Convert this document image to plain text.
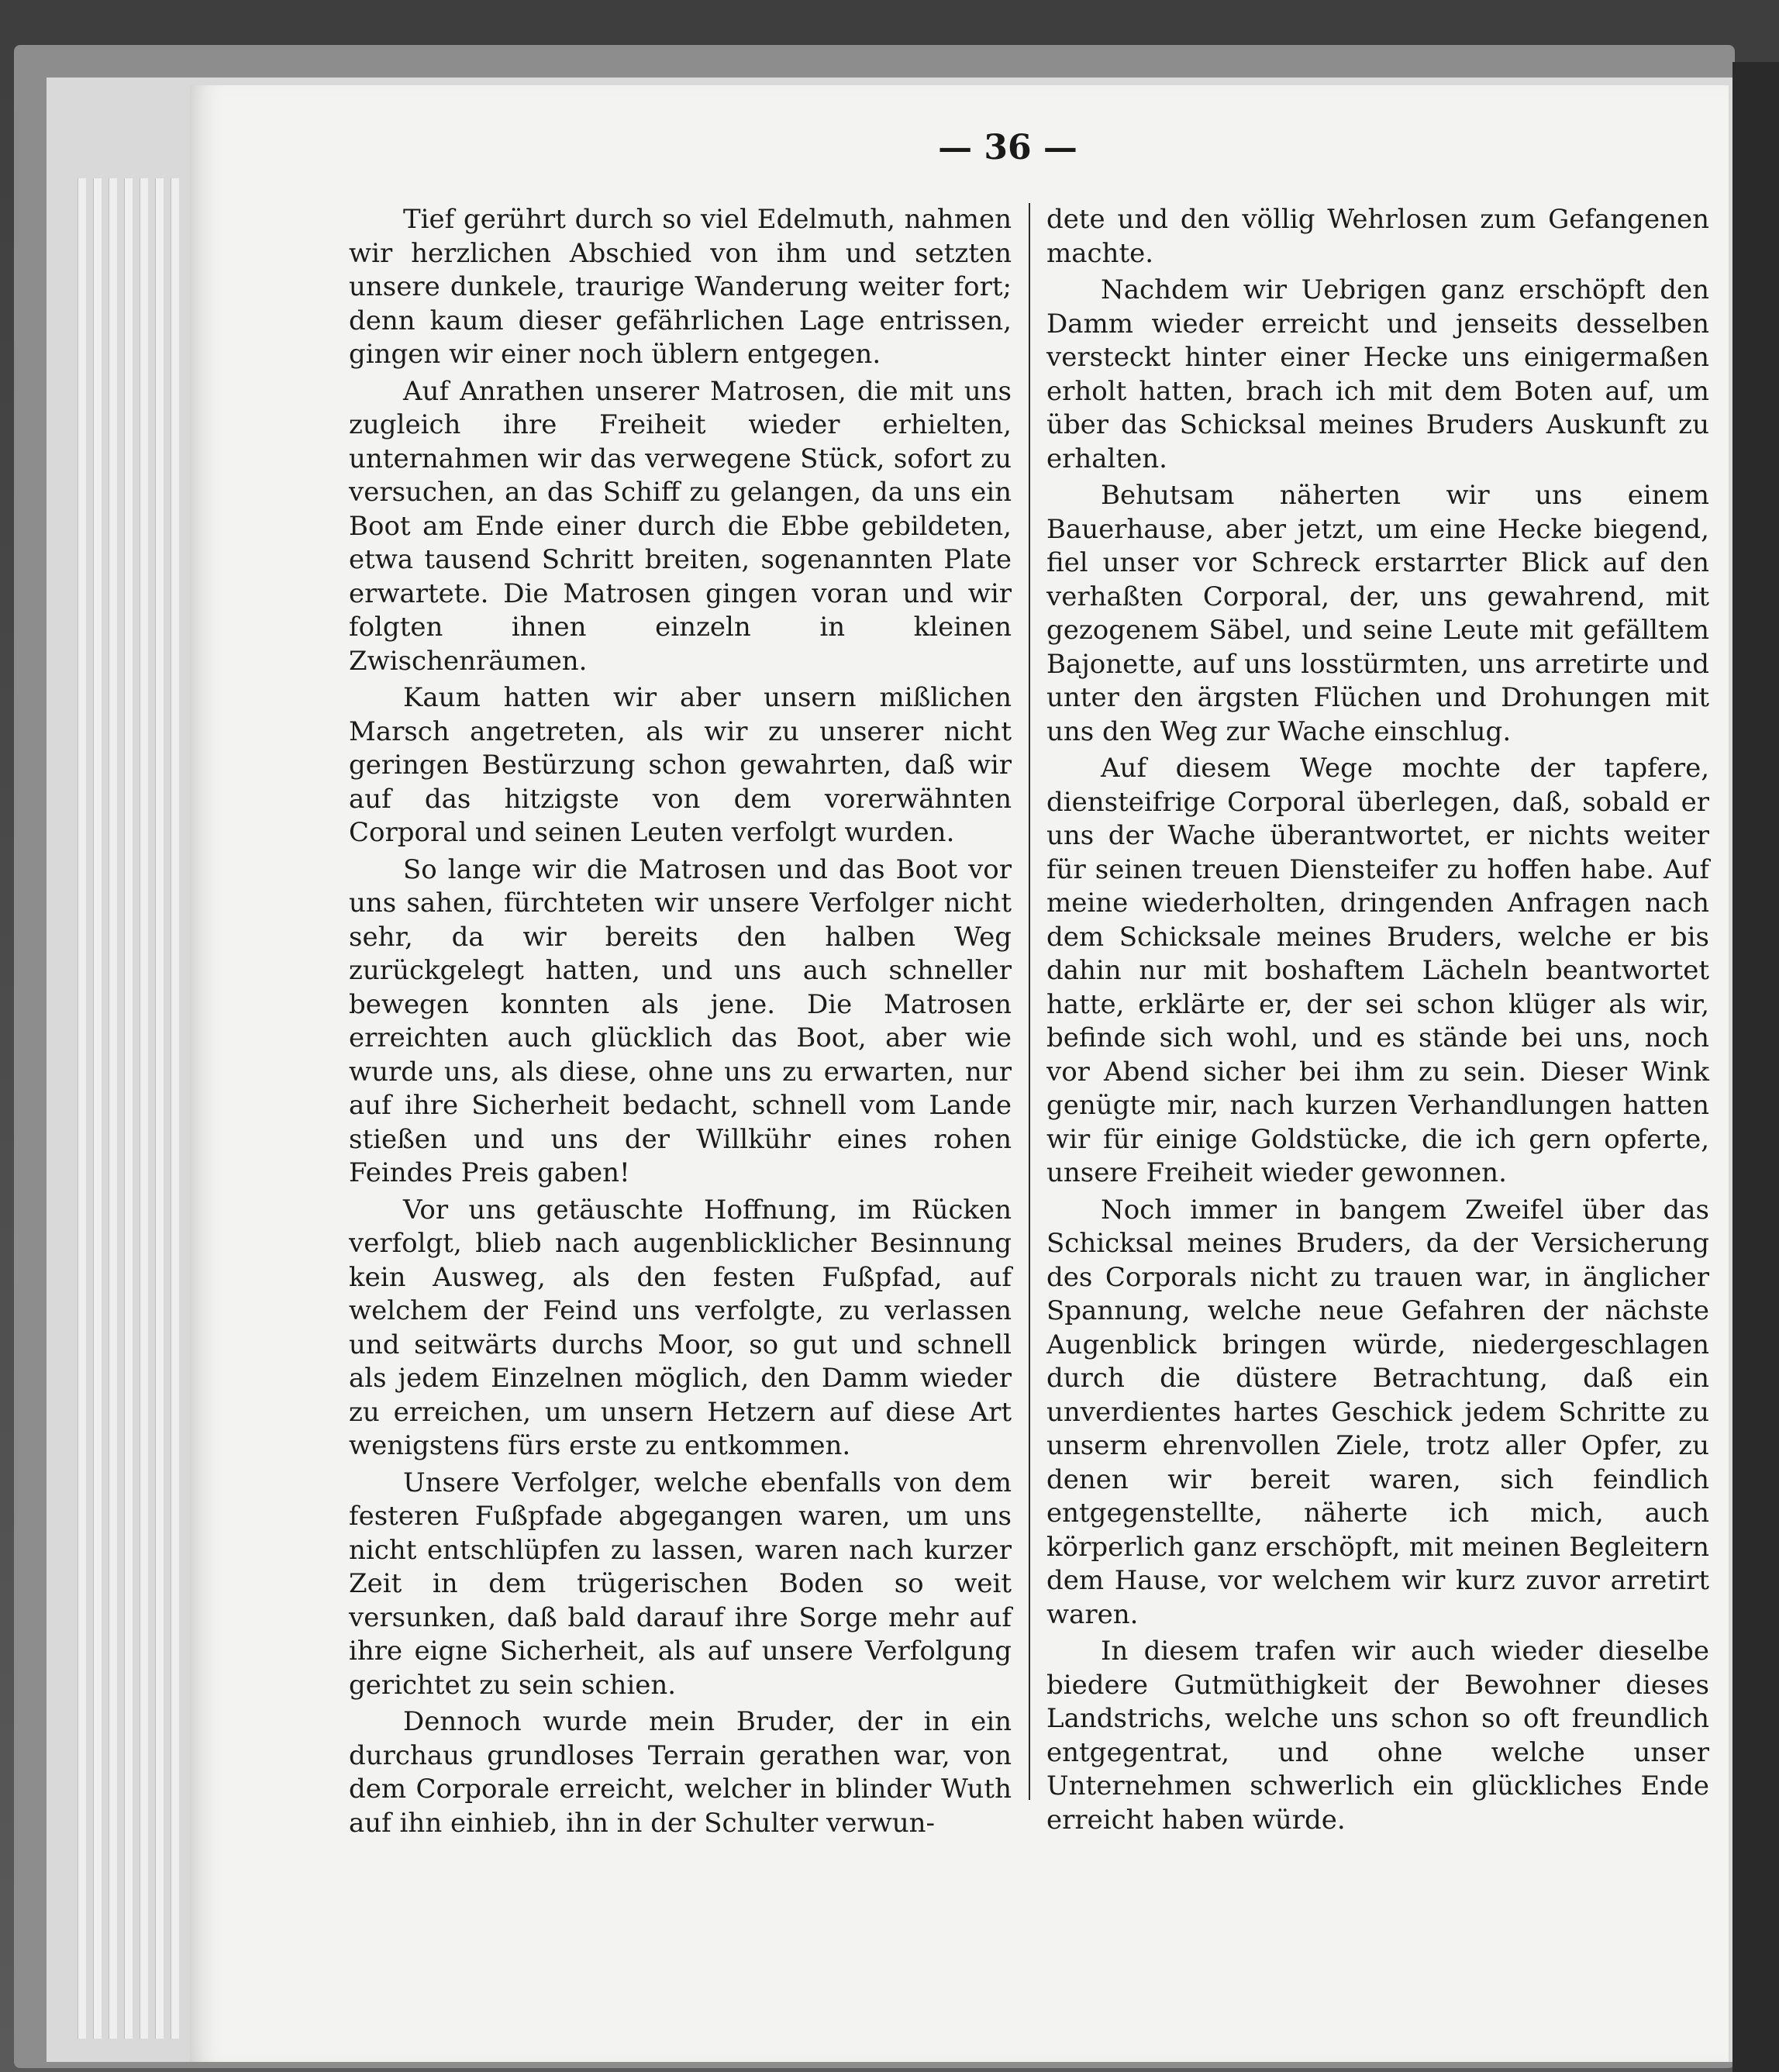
— 36 —

Tief gerührt durch so viel Edelmuth, nahmen wir herzlichen Abschied von ihm und setzten unsere dunkele, traurige Wanderung weiter fort; denn kaum dieser gefährlichen Lage entrissen, gingen wir einer noch üblern entgegen.

Auf Anrathen unserer Matrosen, die mit uns zugleich ihre Freiheit wieder erhielten, unternahmen wir das verwegene Stück, sofort zu versuchen, an das Schiff zu gelangen, da uns ein Boot am Ende einer durch die Ebbe gebildeten, etwa tausend Schritt breiten, sogenannten Plate erwartete. Die Matrosen gingen voran und wir folgten ihnen einzeln in kleinen Zwischenräumen.

Kaum hatten wir aber unsern mißlichen Marsch angetreten, als wir zu unserer nicht geringen Bestürzung schon gewahrten, daß wir auf das hitzigste von dem vorerwähnten Corporal und seinen Leuten verfolgt wurden.

So lange wir die Matrosen und das Boot vor uns sahen, fürchteten wir unsere Verfolger nicht sehr, da wir bereits den halben Weg zurückgelegt hatten, und uns auch schneller bewegen konnten als jene. Die Matrosen erreichten auch glücklich das Boot, aber wie wurde uns, als diese, ohne uns zu erwarten, nur auf ihre Sicherheit bedacht, schnell vom Lande stießen und uns der Willkühr eines rohen Feindes Preis gaben!

Vor uns getäuschte Hoffnung, im Rücken verfolgt, blieb nach augenblicklicher Besinnung kein Ausweg, als den festen Fußpfad, auf welchem der Feind uns verfolgte, zu verlassen und seitwärts durchs Moor, so gut und schnell als jedem Einzelnen möglich, den Damm wieder zu erreichen, um unsern Hetzern auf diese Art wenigstens fürs erste zu entkommen.

Unsere Verfolger, welche ebenfalls von dem festeren Fußpfade abgegangen waren, um uns nicht entschlüpfen zu lassen, waren nach kurzer Zeit in dem trügerischen Boden so weit versunken, daß bald darauf ihre Sorge mehr auf ihre eigne Sicherheit, als auf unsere Verfolgung gerichtet zu sein schien.

Dennoch wurde mein Bruder, der in ein durchaus grundloses Terrain gerathen war, von dem Corporale erreicht, welcher in blinder Wuth auf ihn einhieb, ihn in der Schulter verwun-

dete und den völlig Wehrlosen zum Gefangenen machte.

Nachdem wir Uebrigen ganz erschöpft den Damm wieder erreicht und jenseits desselben versteckt hinter einer Hecke uns einigermaßen erholt hatten, brach ich mit dem Boten auf, um über das Schicksal meines Bruders Auskunft zu erhalten.

Behutsam näherten wir uns einem Bauerhause, aber jetzt, um eine Hecke biegend, fiel unser vor Schreck erstarrter Blick auf den verhaßten Corporal, der, uns gewahrend, mit gezogenem Säbel, und seine Leute mit gefälltem Bajonette, auf uns losstürmten, uns arretirte und unter den ärgsten Flüchen und Drohungen mit uns den Weg zur Wache einschlug.

Auf diesem Wege mochte der tapfere, diensteifrige Corporal überlegen, daß, sobald er uns der Wache überantwortet, er nichts weiter für seinen treuen Diensteifer zu hoffen habe. Auf meine wiederholten, dringenden Anfragen nach dem Schicksale meines Bruders, welche er bis dahin nur mit boshaftem Lächeln beantwortet hatte, erklärte er, der sei schon klüger als wir, befinde sich wohl, und es stände bei uns, noch vor Abend sicher bei ihm zu sein. Dieser Wink genügte mir, nach kurzen Verhandlungen hatten wir für einige Goldstücke, die ich gern opferte, unsere Freiheit wieder gewonnen.

Noch immer in bangem Zweifel über das Schicksal meines Bruders, da der Versicherung des Corporals nicht zu trauen war, in änglicher Spannung, welche neue Gefahren der nächste Augenblick bringen würde, niedergeschlagen durch die düstere Betrachtung, daß ein unverdientes hartes Geschick jedem Schritte zu unserm ehrenvollen Ziele, trotz aller Opfer, zu denen wir bereit waren, sich feindlich entgegenstellte, näherte ich mich, auch körperlich ganz erschöpft, mit meinen Begleitern dem Hause, vor welchem wir kurz zuvor arretirt waren.

In diesem trafen wir auch wieder dieselbe biedere Gutmüthigkeit der Bewohner dieses Landstrichs, welche uns schon so oft freundlich entgegentrat, und ohne welche unser Unternehmen schwerlich ein glückliches Ende erreicht haben würde.
